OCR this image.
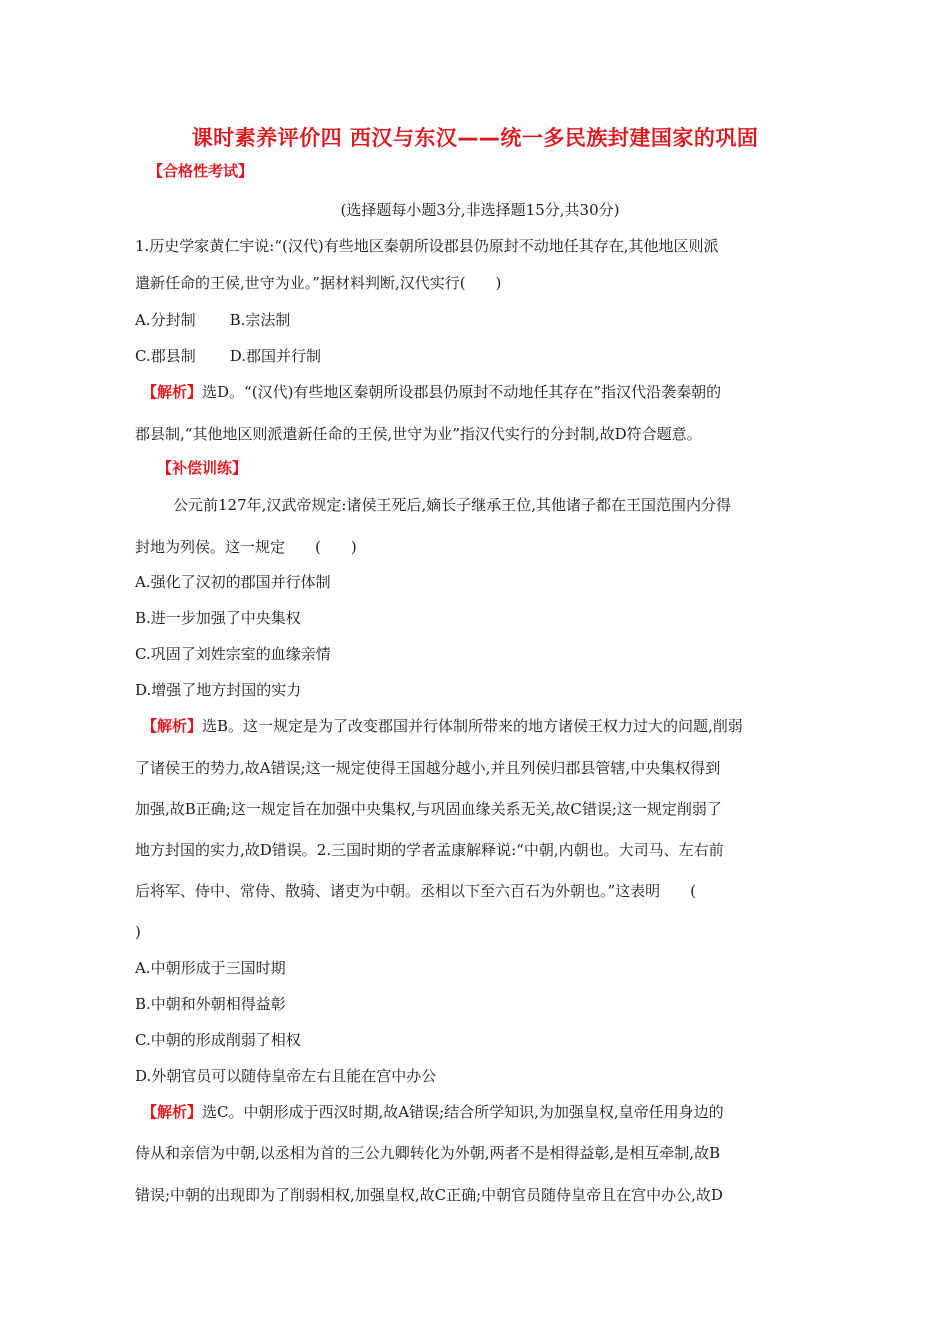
课时素养评价四 西汉与东汉——统一多民族封建国家的巩固
【合格性考试】
(选择题每小题3分,非选择题15分,共30分)
1.历史学家黄仁宇说:“(汉代)有些地区秦朝所设郡县仍原封不动地任其存在,其他地区则派
遣新任命的王侯,世守为业。”据材料判断,汉代实行(　　)
A.分封制 B.宗法制
C.郡县制 D.郡国并行制
【解析】选D。“(汉代)有些地区秦朝所设郡县仍原封不动地任其存在”指汉代沿袭秦朝的
郡县制,“其他地区则派遣新任命的王侯,世守为业”指汉代实行的分封制,故D符合题意。
【补偿训练】
公元前127年,汉武帝规定:诸侯王死后,嫡长子继承王位,其他诸子都在王国范围内分得
封地为列侯。这一规定　　(　　)
A.强化了汉初的郡国并行体制
B.进一步加强了中央集权
C.巩固了刘姓宗室的血缘亲情
D.增强了地方封国的实力
【解析】选B。这一规定是为了改变郡国并行体制所带来的地方诸侯王权力过大的问题,削弱
了诸侯王的势力,故A错误;这一规定使得王国越分越小,并且列侯归郡县管辖,中央集权得到
加强,故B正确;这一规定旨在加强中央集权,与巩固血缘关系无关,故C错误;这一规定削弱了
地方封国的实力,故D错误。2.三国时期的学者孟康解释说:“中朝,内朝也。大司马、左右前
后将军、侍中、常侍、散骑、诸吏为中朝。丞相以下至六百石为外朝也。”这表明　　(
)
A.中朝形成于三国时期
B.中朝和外朝相得益彰
C.中朝的形成削弱了相权
D.外朝官员可以随侍皇帝左右且能在宫中办公
【解析】选C。中朝形成于西汉时期,故A错误;结合所学知识,为加强皇权,皇帝任用身边的
侍从和亲信为中朝,以丞相为首的三公九卿转化为外朝,两者不是相得益彰,是相互牵制,故B
错误;中朝的出现即为了削弱相权,加强皇权,故C正确;中朝官员随侍皇帝且在宫中办公,故D
